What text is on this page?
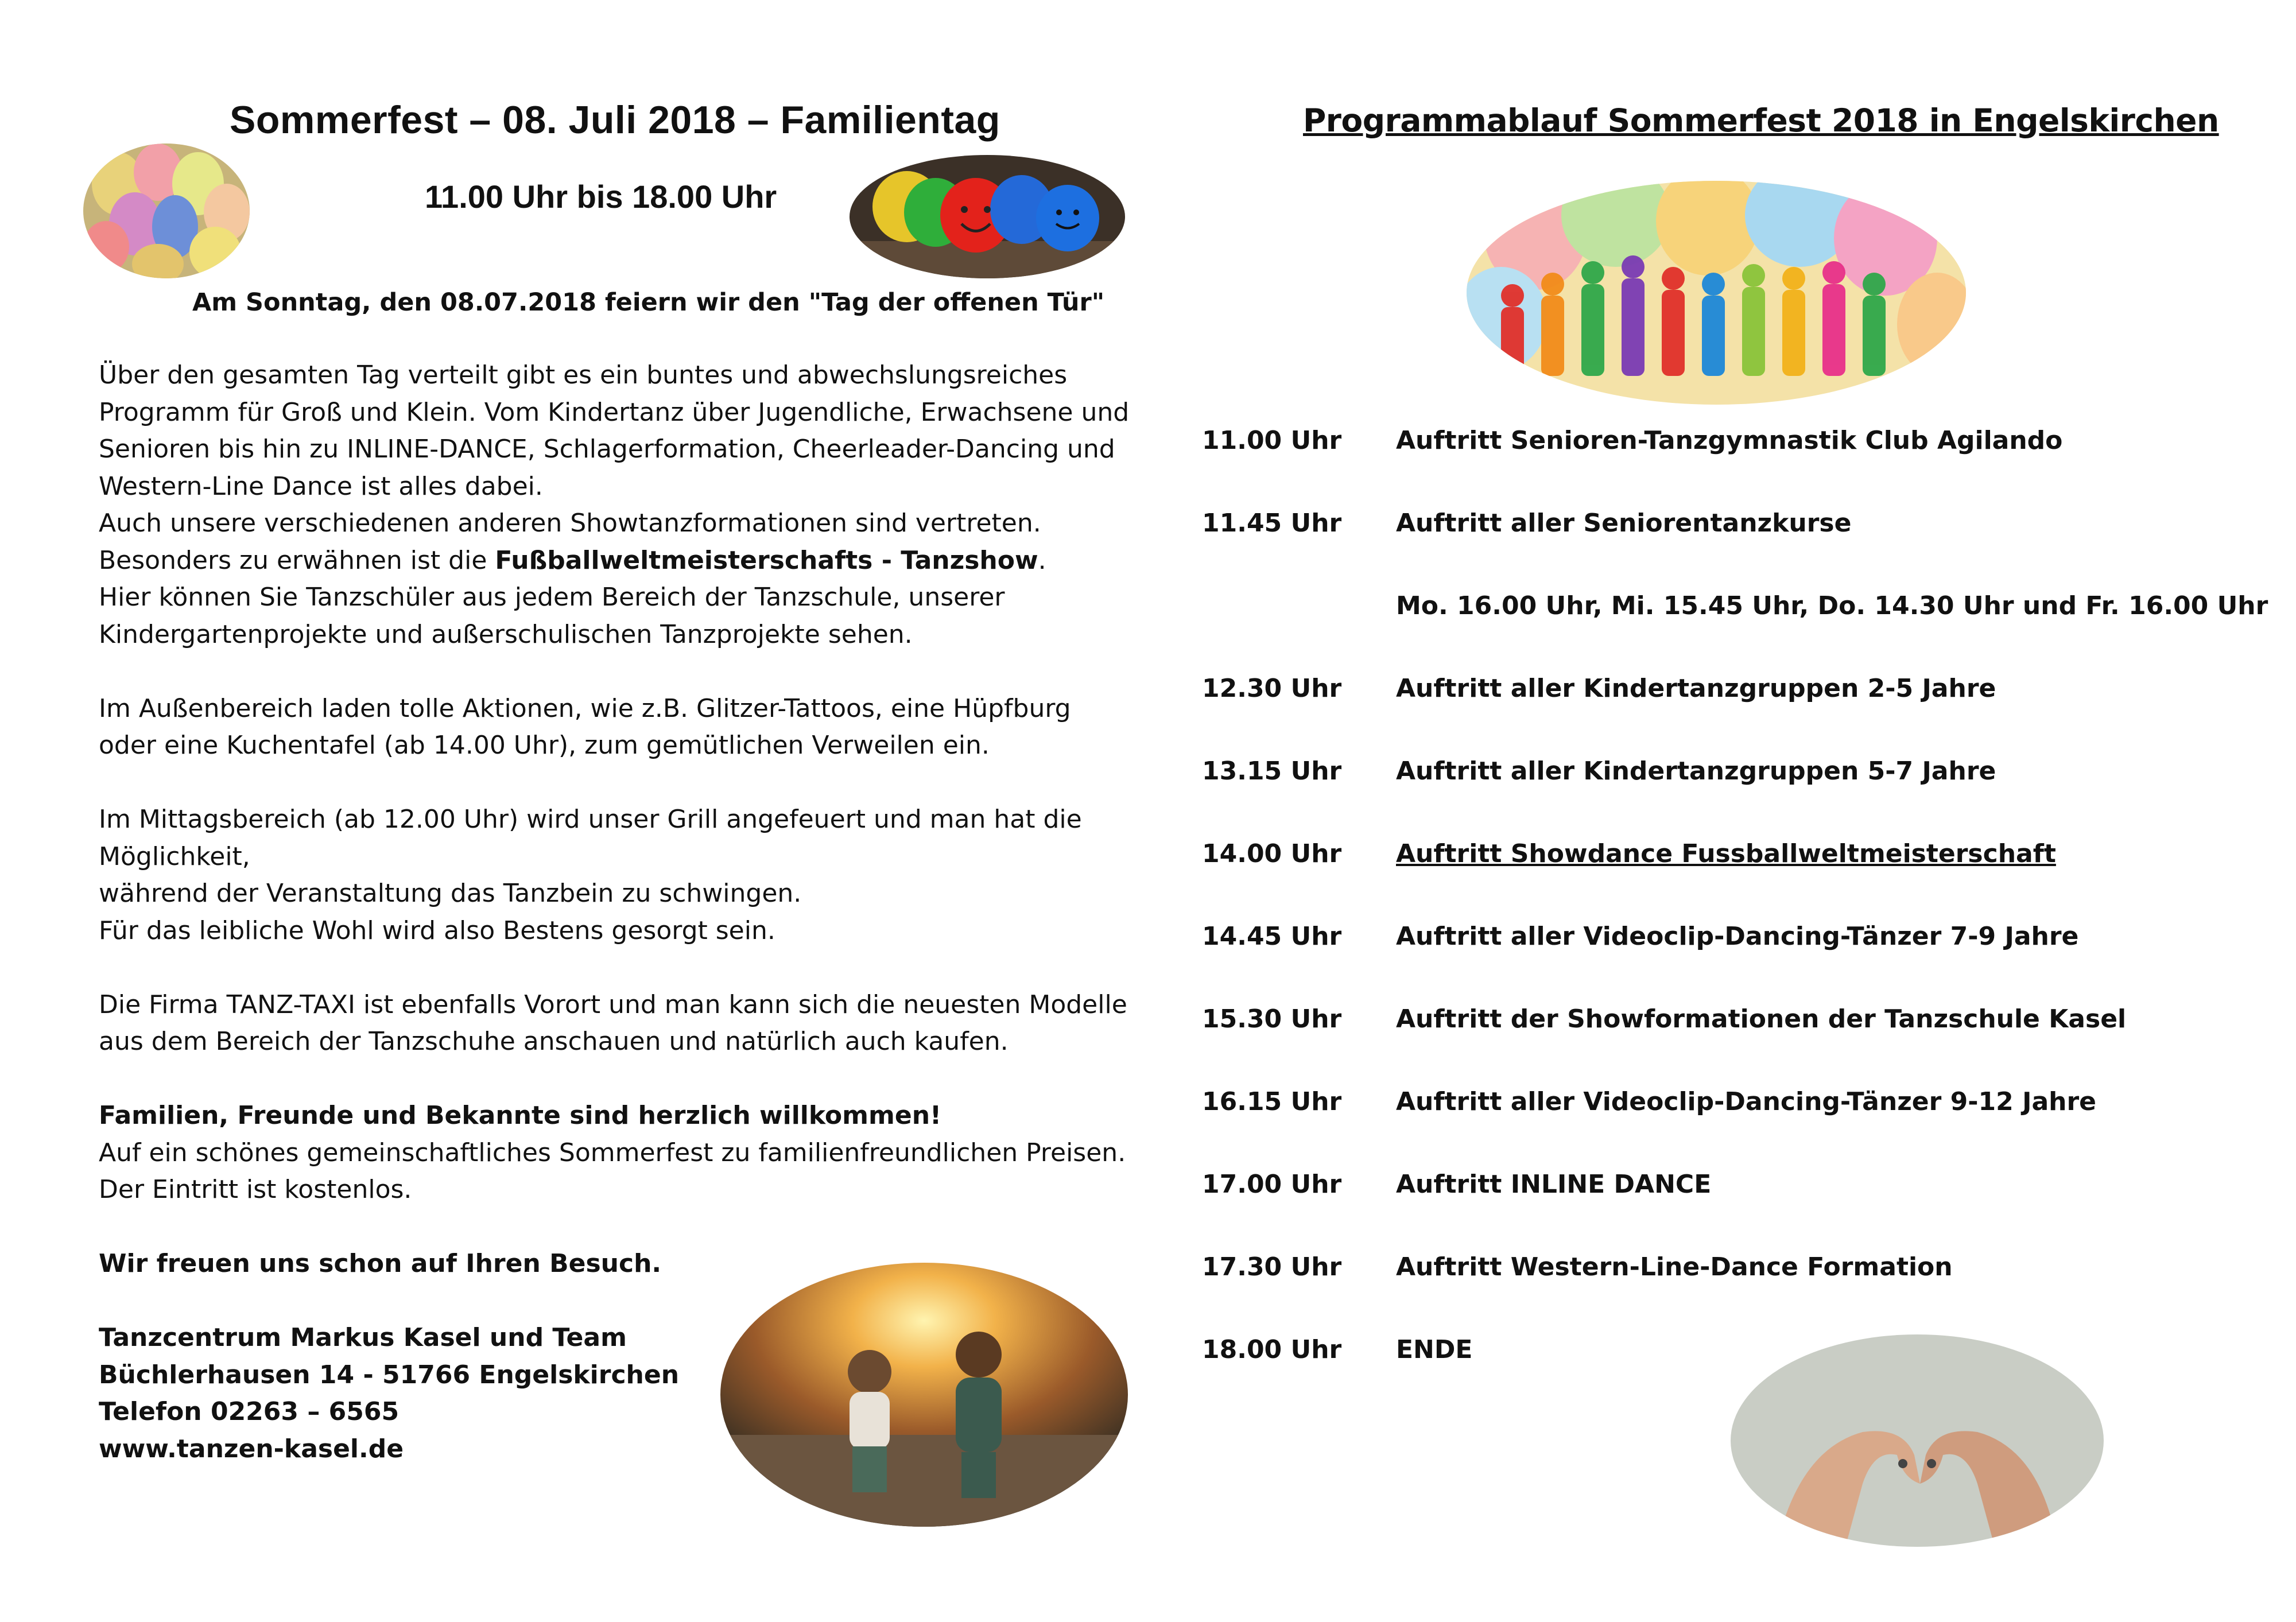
Sommerfest – 08. Juli 2018 – Familientag
11.00 Uhr bis 18.00 Uhr
Am Sonntag, den 08.07.2018 feiern wir den "Tag der offenen Tür"

Über den gesamten Tag verteilt gibt es ein buntes und abwechslungsreiches
Programm für Groß und Klein. Vom Kindertanz über Jugendliche, Erwachsene und
Senioren bis hin zu INLINE-DANCE, Schlagerformation, Cheerleader-Dancing und
Western-Line Dance ist alles dabei.
Auch unsere verschiedenen anderen Showtanzformationen sind vertreten.
Besonders zu erwähnen ist die Fußballweltmeisterschafts - Tanzshow.
Hier können Sie Tanzschüler aus jedem Bereich der Tanzschule, unserer
Kindergartenprojekte und außerschulischen Tanzprojekte sehen.

Im Außenbereich laden tolle Aktionen, wie z.B. Glitzer-Tattoos, eine Hüpfburg
oder eine Kuchentafel (ab 14.00 Uhr), zum gemütlichen Verweilen ein.

Im Mittagsbereich (ab 12.00 Uhr) wird unser Grill angefeuert und man hat die
Möglichkeit,
während der Veranstaltung das Tanzbein zu schwingen.
Für das leibliche Wohl wird also Bestens gesorgt sein.

Die Firma TANZ-TAXI ist ebenfalls Vorort und man kann sich die neuesten Modelle
aus dem Bereich der Tanzschuhe anschauen und natürlich auch kaufen.

Familien, Freunde und Bekannte sind herzlich willkommen!
Auf ein schönes gemeinschaftliches Sommerfest zu familienfreundlichen Preisen.
Der Eintritt ist kostenlos.

Wir freuen uns schon auf Ihren Besuch.

Tanzcentrum Markus Kasel und Team
Büchlerhausen 14 - 51766 Engelskirchen
Telefon 02263 – 6565
www.tanzen-kasel.de

Programmablauf Sommerfest 2018 in Engelskirchen
11.00 Uhr	Auftritt Senioren-Tanzgymnastik Club Agilando
11.45 Uhr	Auftritt aller Seniorentanzkurse
Mo. 16.00 Uhr, Mi. 15.45 Uhr, Do. 14.30 Uhr und Fr. 16.00 Uhr
12.30 Uhr	Auftritt aller Kindertanzgruppen 2-5 Jahre
13.15 Uhr	Auftritt aller Kindertanzgruppen 5-7 Jahre
14.00 Uhr	Auftritt Showdance Fussballweltmeisterschaft
14.45 Uhr	Auftritt aller Videoclip-Dancing-Tänzer 7-9 Jahre
15.30 Uhr	Auftritt der Showformationen der Tanzschule Kasel
16.15 Uhr	Auftritt aller Videoclip-Dancing-Tänzer 9-12 Jahre
17.00 Uhr	Auftritt INLINE DANCE
17.30 Uhr	Auftritt Western-Line-Dance Formation
18.00 Uhr	ENDE
